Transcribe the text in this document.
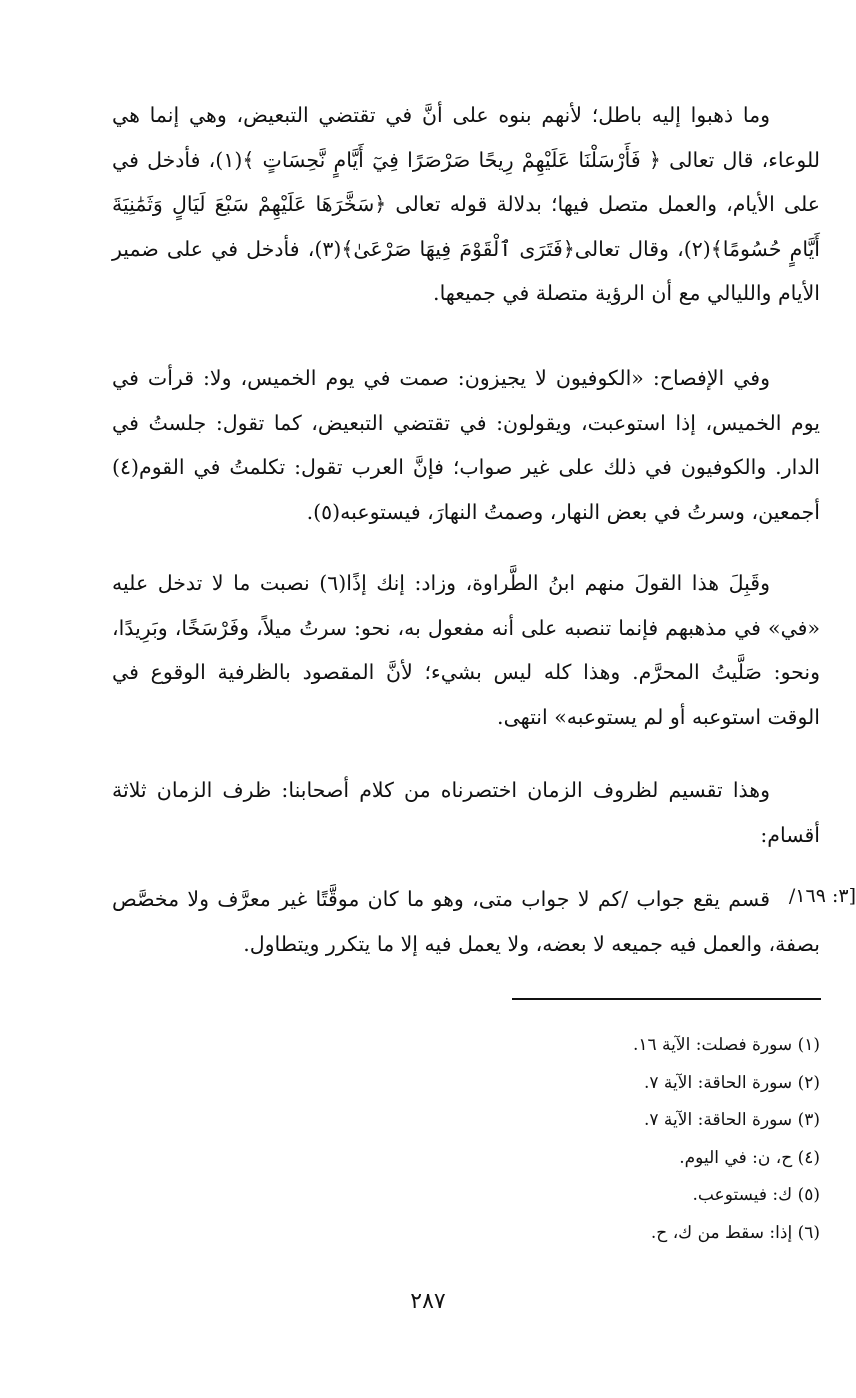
وما ذهبوا إليه باطل؛ لأنهم بنوه على أنَّ في تقتضي التبعيض، وهي إنما هي للوعاء، قال تعالى ﴿ فَأَرْسَلْنَا عَلَيْهِمْ رِيحًا صَرْصَرًا فِيٓ أَيَّامٍ نَّحِسَاتٍ ﴾(١)، فأدخل في على الأيام، والعمل متصل فيها؛ بدلالة قوله تعالى ﴿سَخَّرَهَا عَلَيْهِمْ سَبْعَ لَيَالٍ وَثَمَٰنِيَةَ أَيَّامٍ حُسُومًا﴾(٢)، وقال تعالى﴿فَتَرَى ٱلْقَوْمَ فِيهَا صَرْعَىٰ﴾(٣)، فأدخل في على ضمير الأيام والليالي مع أن الرؤية متصلة في جميعها.

وفي الإفصاح: «الكوفيون لا يجيزون: صمت في يوم الخميس، ولا: قرأت في يوم الخميس، إذا استوعبت، ويقولون: في تقتضي التبعيض، كما تقول: جلستُ في الدار. والكوفيون في ذلك على غير صواب؛ فإنَّ العرب تقول: تكلمتُ في القوم(٤) أجمعين، وسرتُ في بعض النهار، وصمتُ النهارَ، فيستوعبه(٥).

وقَبِلَ هذا القولَ منهم ابنُ الطَّراوة، وزاد: إنك إذًا(٦) نصبت ما لا تدخل عليه «في» في مذهبهم فإنما تنصبه على أنه مفعول به، نحو: سرتُ ميلاً، وفَرْسَخًا، وبَرِيدًا، ونحو: صَلَّيتُ المحرَّم. وهذا كله ليس بشيء؛ لأنَّ المقصود بالظرفية الوقوع في الوقت استوعبه أو لم يستوعبه» انتهى.

وهذا تقسيم لظروف الزمان اختصرناه من كلام أصحابنا: ظرف الزمان ثلاثة أقسام:

قسم يقع جواب /كم لا جواب متى، وهو ما كان موقَّتًا غير معرَّف ولا مخصَّص بصفة، والعمل فيه جميعه لا بعضه، ولا يعمل فيه إلا ما يتكرر ويتطاول.

[٣: ١٦٩/
(١) سورة فصلت: الآية ١٦.
(٢) سورة الحاقة: الآية ٧.
(٣) سورة الحاقة: الآية ٧.
(٤) ح، ن: في اليوم.
(٥) ك: فيستوعب.
(٦) إذا: سقط من ك، ح.
٢٨٧
